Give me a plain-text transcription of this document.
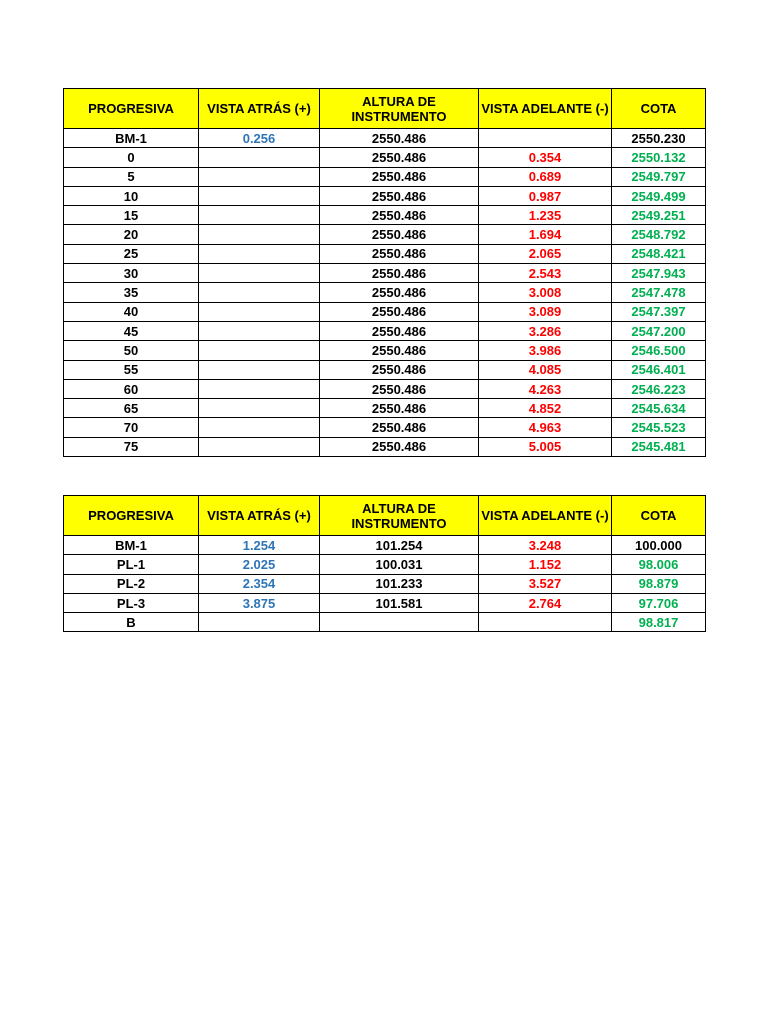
PROGRESIVA	VISTA ATRÁS (+)	ALTURA DE INSTRUMENTO	VISTA ADELANTE (-)	COTA
BM-1	0.256	2550.486		2550.230
0		2550.486	0.354	2550.132
5		2550.486	0.689	2549.797
10		2550.486	0.987	2549.499
15		2550.486	1.235	2549.251
20		2550.486	1.694	2548.792
25		2550.486	2.065	2548.421
30		2550.486	2.543	2547.943
35		2550.486	3.008	2547.478
40		2550.486	3.089	2547.397
45		2550.486	3.286	2547.200
50		2550.486	3.986	2546.500
55		2550.486	4.085	2546.401
60		2550.486	4.263	2546.223
65		2550.486	4.852	2545.634
70		2550.486	4.963	2545.523
75		2550.486	5.005	2545.481
PROGRESIVA	VISTA ATRÁS (+)	ALTURA DE INSTRUMENTO	VISTA ADELANTE (-)	COTA
BM-1	1.254	101.254	3.248	100.000
PL-1	2.025	100.031	1.152	98.006
PL-2	2.354	101.233	3.527	98.879
PL-3	3.875	101.581	2.764	97.706
B				98.817
